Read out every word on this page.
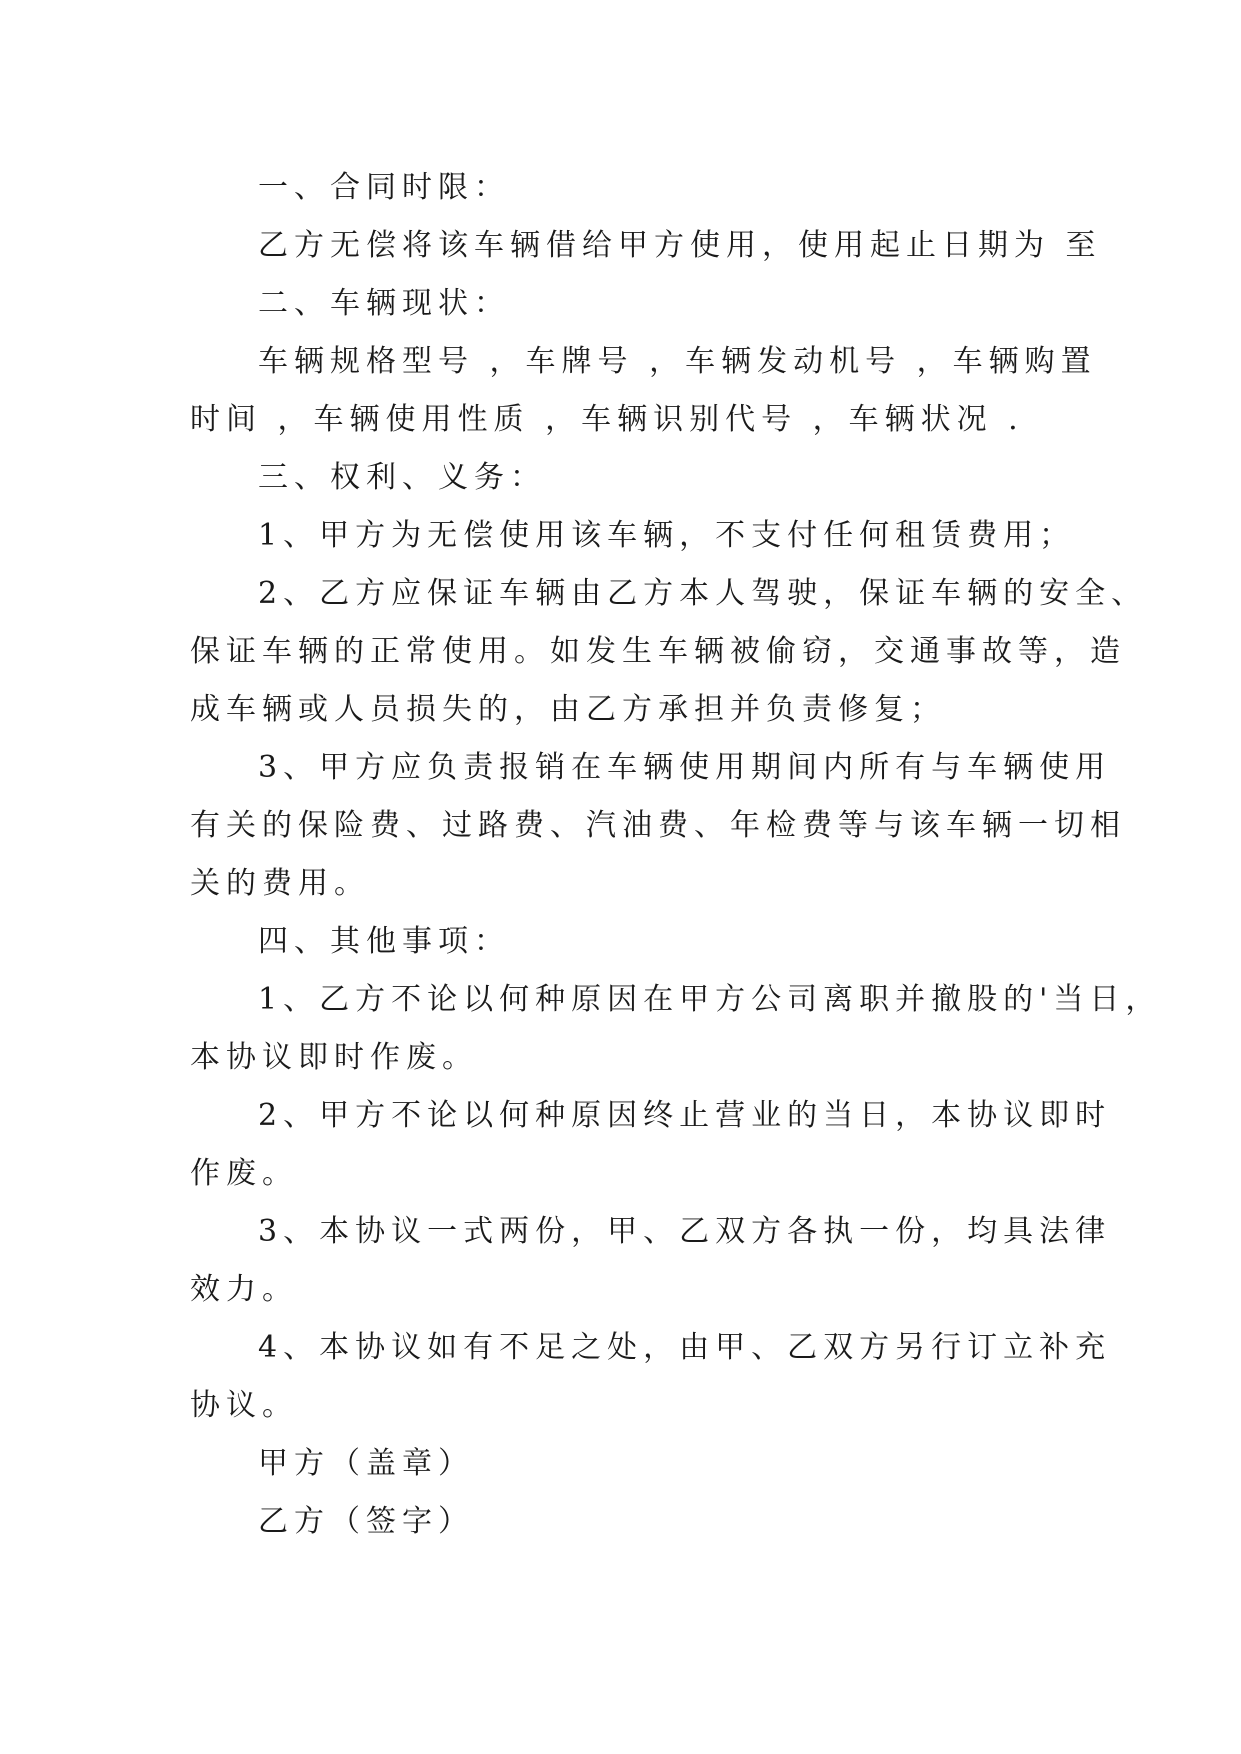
一、合同时限：
乙方无偿将该车辆借给甲方使用，使用起止日期为 至
二、车辆现状：
车辆规格型号 ，车牌号 ，车辆发动机号 ，车辆购置
时间 ，车辆使用性质 ，车辆识别代号 ，车辆状况 .
三、权利、义务：
1、甲方为无偿使用该车辆，不支付任何租赁费用；
2、乙方应保证车辆由乙方本人驾驶，保证车辆的安全、
保证车辆的正常使用。如发生车辆被偷窃，交通事故等，造
成车辆或人员损失的，由乙方承担并负责修复；
3、甲方应负责报销在车辆使用期间内所有与车辆使用
有关的保险费、过路费、汽油费、年检费等与该车辆一切相
关的费用。
四、其他事项：
1、乙方不论以何种原因在甲方公司离职并撤股的'当日，
本协议即时作废。
2、甲方不论以何种原因终止营业的当日，本协议即时
作废。
3、本协议一式两份，甲、乙双方各执一份，均具法律
效力。
4、本协议如有不足之处，由甲、乙双方另行订立补充
协议。
甲方（盖章）
乙方（签字）
